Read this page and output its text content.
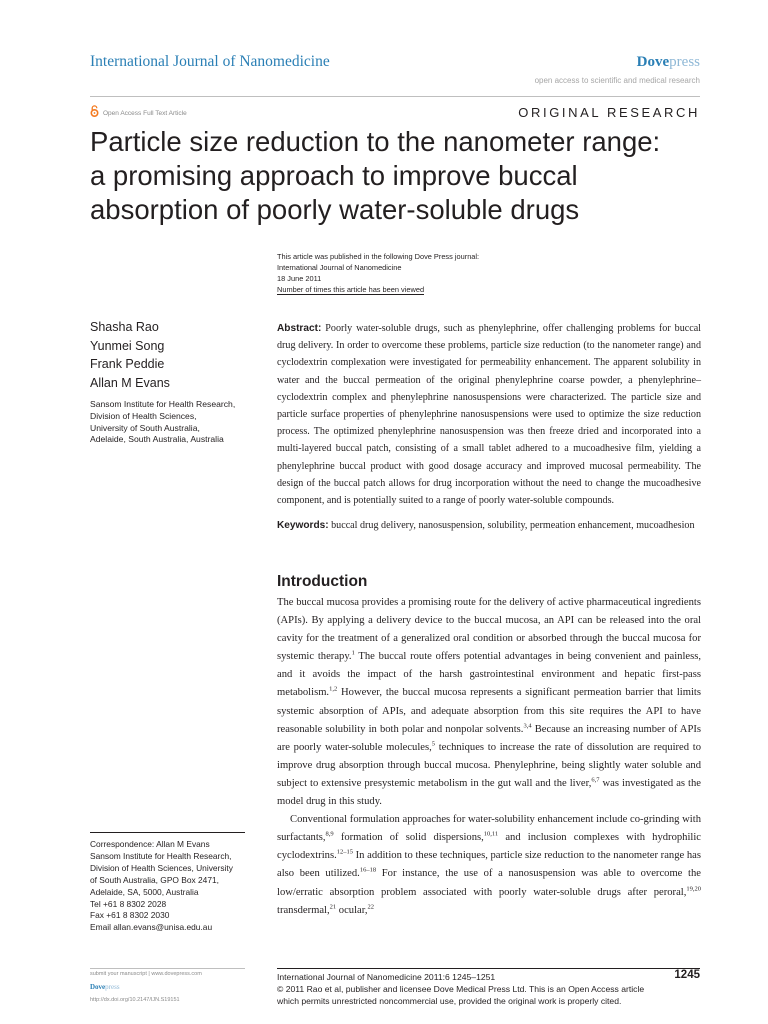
International Journal of Nanomedicine	Dovepress
open access to scientific and medical research
Open Access Full Text Article	ORIGINAL RESEARCH
Particle size reduction to the nanometer range:
a promising approach to improve buccal
absorption of poorly water-soluble drugs
This article was published in the following Dove Press journal:
International Journal of Nanomedicine
18 June 2011
Number of times this article has been viewed
Shasha Rao
Yunmei Song
Frank Peddie
Allan M Evans
Sansom Institute for Health Research,
Division of Health Sciences,
University of South Australia,
Adelaide, South Australia, Australia
Abstract: Poorly water-soluble drugs, such as phenylephrine, offer challenging problems for buccal drug delivery. In order to overcome these problems, particle size reduction (to the nanometer range) and cyclodextrin complexation were investigated for permeability enhancement. The apparent solubility in water and the buccal permeation of the original phenylephrine coarse powder, a phenylephrine–cyclodextrin complex and phenylephrine nanosuspensions were characterized. The particle size and particle surface properties of phenylephrine nanosuspensions were used to optimize the size reduction process. The optimized phenylephrine nanosuspension was then freeze dried and incorporated into a multi-layered buccal patch, consisting of a small tablet adhered to a mucoadhesive film, yielding a phenylephrine buccal product with good dosage accuracy and improved mucosal permeability. The design of the buccal patch allows for drug incorporation without the need to change the mucoadhesive component, and is potentially suited to a range of poorly water-soluble compounds.
Keywords: buccal drug delivery, nanosuspension, solubility, permeation enhancement, mucoadhesion
Introduction

The buccal mucosa provides a promising route for the delivery of active pharmaceutical ingredients (APIs). By applying a delivery device to the buccal mucosa, an API can be released into the oral cavity for the treatment of a generalized oral condition or absorbed through the buccal mucosa for systemic therapy.$^1$ The buccal route offers potential advantages in being convenient and painless, and it avoids the impact of the harsh gastrointestinal environment and hepatic first-pass metabolism.$^{1,2}$ However, the buccal mucosa represents a significant permeation barrier that limits systemic absorption of APIs, and adequate absorption from this site requires the API to have reasonable solubility in both polar and nonpolar solvents.$^{3,4}$ Because an increasing number of APIs are poorly water-soluble molecules,$^5$ techniques to increase the rate of dissolution are required to improve drug absorption through buccal mucosa. Phenylephrine, being slightly water soluble and subject to extensive presystemic metabolism in the gut wall and the liver,$^{6,7}$ was investigated as the model drug in this study.

Conventional formulation approaches for water-solubility enhancement include co-grinding with surfactants,$^{8,9}$ formation of solid dispersions,$^{10,11}$ and inclusion complexes with hydrophilic cyclodextrins.$^{12-15}$ In addition to these techniques, particle size reduction to the nanometer range has also been utilized.$^{16-18}$ For instance, the use of a nanosuspension was able to overcome the low/erratic absorption problem associated with poorly water-soluble drugs after peroral,$^{19,20}$ transdermal,$^{21}$ ocular,$^{22}$

Correspondence: Allan M Evans
Sansom Institute for Health Research,
Division of Health Sciences, University
of South Australia, GPO Box 2471,
Adelaide, SA, 5000, Australia
Tel +61 8 8302 2028
Fax +61 8 8302 2030
Email allan.evans@unisa.edu.au
submit your manuscript | www.dovepress.com
Dovepress
http://dx.doi.org/10.2147/IJN.S19151
International Journal of Nanomedicine 2011:6 1245–1251	1245
© 2011 Rao et al, publisher and licensee Dove Medical Press Ltd. This is an Open Access article
which permits unrestricted noncommercial use, provided the original work is properly cited.
